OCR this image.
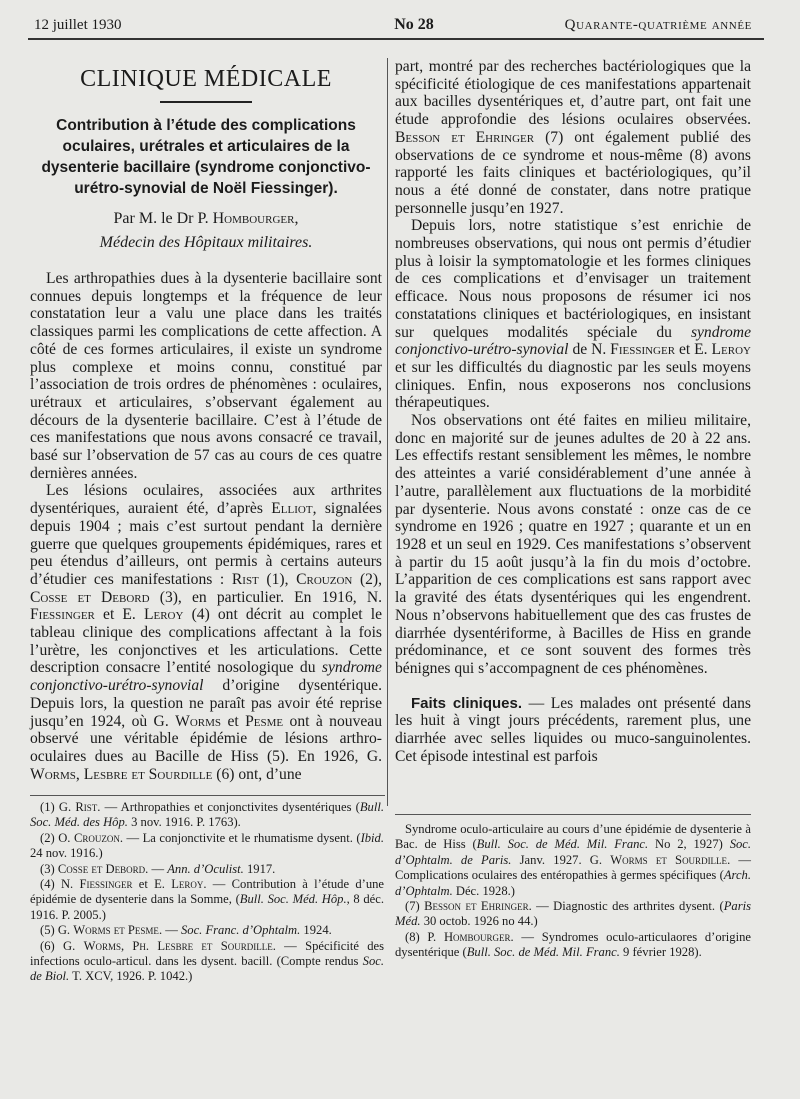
12 juillet 1930	No 28	Quarante-quatrième année
CLINIQUE MÉDICALE
Contribution à l’étude des complications oculaires, urétrales et articulaires de la dysenterie bacillaire (syndrome conjonctivo-urétro-synovial de Noël Fiessinger).
Par M. le Dr P. Hombourger,
Médecin des Hôpitaux militaires.

Les arthropathies dues à la dysenterie bacillaire sont connues depuis longtemps et la fréquence de leur constatation leur a valu une place dans les traités classiques parmi les complications de cette affection. A côté de ces formes articulaires, il existe un syndrome plus complexe et moins connu, constitué par l’association de trois ordres de phénomènes : oculaires, urétraux et articulaires, s’observant également au décours de la dysenterie bacillaire. C’est à l’étude de ces manifestations que nous avons consacré ce travail, basé sur l’observation de 57 cas au cours de ces quatre dernières années.

Les lésions oculaires, associées aux arthrites dysentériques, auraient été, d’après Elliot, signalées depuis 1904 ; mais c’est surtout pendant la dernière guerre que quelques groupements épidémiques, rares et peu étendus d’ailleurs, ont permis à certains auteurs d’étudier ces manifestations : Rist (1), Crouzon (2), Cosse et Debord (3), en particulier. En 1916, N. Fiessinger et E. Leroy (4) ont décrit au complet le tableau clinique des complications affectant à la fois l’urètre, les conjonctives et les articulations. Cette description consacre l’entité nosologique du syndrome conjonctivo-urétro-synovial d’origine dysentérique. Depuis lors, la question ne paraît pas avoir été reprise jusqu’en 1924, où G. Worms et Pesme ont à nouveau observé une véritable épidémie de lésions arthro-oculaires dues au Bacille de Hiss (5). En 1926, G. Worms, Lesbre et Sourdille (6) ont, d’une

part, montré par des recherches bactériologiques que la spécificité étiologique de ces manifestations appartenait aux bacilles dysentériques et, d’autre part, ont fait une étude approfondie des lésions oculaires observées. Besson et Ehringer (7) ont également publié des observations de ce syndrome et nous-même (8) avons rapporté les faits cliniques et bactériologiques, qu’il nous a été donné de constater, dans notre pratique personnelle jusqu’en 1927.

Depuis lors, notre statistique s’est enrichie de nombreuses observations, qui nous ont permis d’étudier plus à loisir la symptomatologie et les formes cliniques de ces complications et d’envisager un traitement efficace. Nous nous proposons de résumer ici nos constatations cliniques et bactériologiques, en insistant sur quelques modalités spéciale du syndrome conjonctivo-urétro-synovial de N. Fiessinger et E. Leroy et sur les difficultés du diagnostic par les seuls moyens cliniques. Enfin, nous exposerons nos conclusions thérapeutiques.

Nos observations ont été faites en milieu militaire, donc en majorité sur de jeunes adultes de 20 à 22 ans. Les effectifs restant sensiblement les mêmes, le nombre des atteintes a varié considérablement d’une année à l’autre, parallèlement aux fluctuations de la morbidité par dysenterie. Nous avons constaté : onze cas de ce syndrome en 1926 ; quatre en 1927 ; quarante et un en 1928 et un seul en 1929. Ces manifestations s’observent à partir du 15 août jusqu’à la fin du mois d’octobre. L’apparition de ces complications est sans rapport avec la gravité des états dysentériques qui les engendrent. Nous n’observons habituellement que des cas frustes de diarrhée dysentériforme, à Bacilles de Hiss en grande prédominance, et ce sont souvent des formes très bénignes qui s’accompagnent de ces phénomènes.

Faits cliniques. — Les malades ont présenté dans les huit à vingt jours précédents, rarement plus, une diarrhée avec selles liquides ou muco-sanguinolentes. Cet épisode intestinal est parfois

(1) G. Rist. — Arthropathies et conjonctivites dysentériques (Bull. Soc. Méd. des Hôp. 3 nov. 1916. P. 1763).

(2) O. Crouzon. — La conjonctivite et le rhumatisme dysent. (Ibid. 24 nov. 1916.)

(3) Cosse et Debord. — Ann. d’Oculist. 1917.

(4) N. Fiessinger et E. Leroy. — Contribution à l’étude d’une épidémie de dysenterie dans la Somme, (Bull. Soc. Méd. Hôp., 8 déc. 1916. P. 2005.)

(5) G. Worms et Pesme. — Soc. Franc. d’Ophtalm. 1924.

(6) G. Worms, Ph. Lesbre et Sourdille. — Spécificité des infections oculo-articul. dans les dysent. bacill. (Compte rendus Soc. de Biol. T. XCV, 1926. P. 1042.)

Syndrome oculo-articulaire au cours d’une épidémie de dysenterie à Bac. de Hiss (Bull. Soc. de Méd. Mil. Franc. No 2, 1927) Soc. d’Ophtalm. de Paris. Janv. 1927. G. Worms et Sourdille. — Complications oculaires des entéropathies à germes spécifiques (Arch. d’Ophtalm. Déc. 1928.)

(7) Besson et Ehringer. — Diagnostic des arthrites dysent. (Paris Méd. 30 octob. 1926 no 44.)

(8) P. Hombourger. — Syndromes oculo-articulaores d’origine dysentérique (Bull. Soc. de Méd. Mil. Franc. 9 février 1928).
